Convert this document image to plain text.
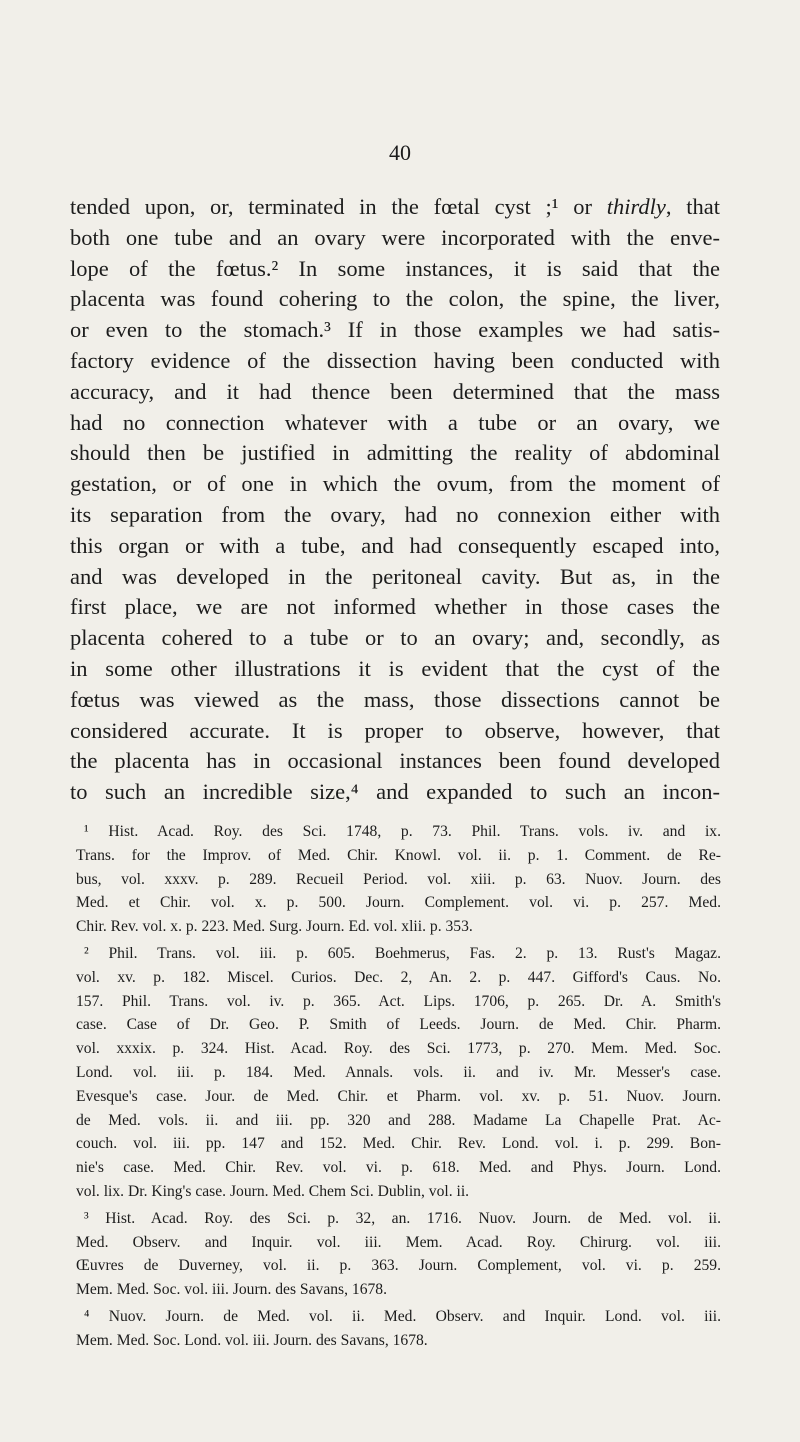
40
tended upon, or, terminated in the fœtal cyst ;¹ or thirdly, that
both one tube and an ovary were incorporated with the enve-
lope of the fœtus.² In some instances, it is said that the
placenta was found cohering to the colon, the spine, the liver,
or even to the stomach.³ If in those examples we had satis-
factory evidence of the dissection having been conducted with
accuracy, and it had thence been determined that the mass
had no connection whatever with a tube or an ovary, we
should then be justified in admitting the reality of abdominal
gestation, or of one in which the ovum, from the moment of
its separation from the ovary, had no connexion either with
this organ or with a tube, and had consequently escaped into,
and was developed in the peritoneal cavity. But as, in the
first place, we are not informed whether in those cases the
placenta cohered to a tube or to an ovary; and, secondly, as
in some other illustrations it is evident that the cyst of the
fœtus was viewed as the mass, those dissections cannot be
considered accurate. It is proper to observe, however, that
the placenta has in occasional instances been found developed
to such an incredible size,⁴ and expanded to such an incon-
¹ Hist. Acad. Roy. des Sci. 1748, p. 73. Phil. Trans. vols. iv. and ix.
Trans. for the Improv. of Med. Chir. Knowl. vol. ii. p. 1. Comment. de Re-
bus, vol. xxxv. p. 289. Recueil Period. vol. xiii. p. 63. Nuov. Journ. des
Med. et Chir. vol. x. p. 500. Journ. Complement. vol. vi. p. 257. Med.
Chir. Rev. vol. x. p. 223. Med. Surg. Journ. Ed. vol. xlii. p. 353.
² Phil. Trans. vol. iii. p. 605. Boehmerus, Fas. 2. p. 13. Rust's Magaz.
vol. xv. p. 182. Miscel. Curios. Dec. 2, An. 2. p. 447. Gifford's Caus. No.
157. Phil. Trans. vol. iv. p. 365. Act. Lips. 1706, p. 265. Dr. A. Smith's
case. Case of Dr. Geo. P. Smith of Leeds. Journ. de Med. Chir. Pharm.
vol. xxxix. p. 324. Hist. Acad. Roy. des Sci. 1773, p. 270. Mem. Med. Soc.
Lond. vol. iii. p. 184. Med. Annals. vols. ii. and iv. Mr. Messer's case.
Evesque's case. Jour. de Med. Chir. et Pharm. vol. xv. p. 51. Nuov. Journ.
de Med. vols. ii. and iii. pp. 320 and 288. Madame La Chapelle Prat. Ac-
couch. vol. iii. pp. 147 and 152. Med. Chir. Rev. Lond. vol. i. p. 299. Bon-
nie's case. Med. Chir. Rev. vol. vi. p. 618. Med. and Phys. Journ. Lond.
vol. lix. Dr. King's case. Journ. Med. Chem Sci. Dublin, vol. ii.
³ Hist. Acad. Roy. des Sci. p. 32, an. 1716. Nuov. Journ. de Med. vol. ii.
Med. Observ. and Inquir. vol. iii. Mem. Acad. Roy. Chirurg. vol. iii.
Œuvres de Duverney, vol. ii. p. 363. Journ. Complement, vol. vi. p. 259.
Mem. Med. Soc. vol. iii. Journ. des Savans, 1678.
⁴ Nuov. Journ. de Med. vol. ii. Med. Observ. and Inquir. Lond. vol. iii.
Mem. Med. Soc. Lond. vol. iii. Journ. des Savans, 1678.
